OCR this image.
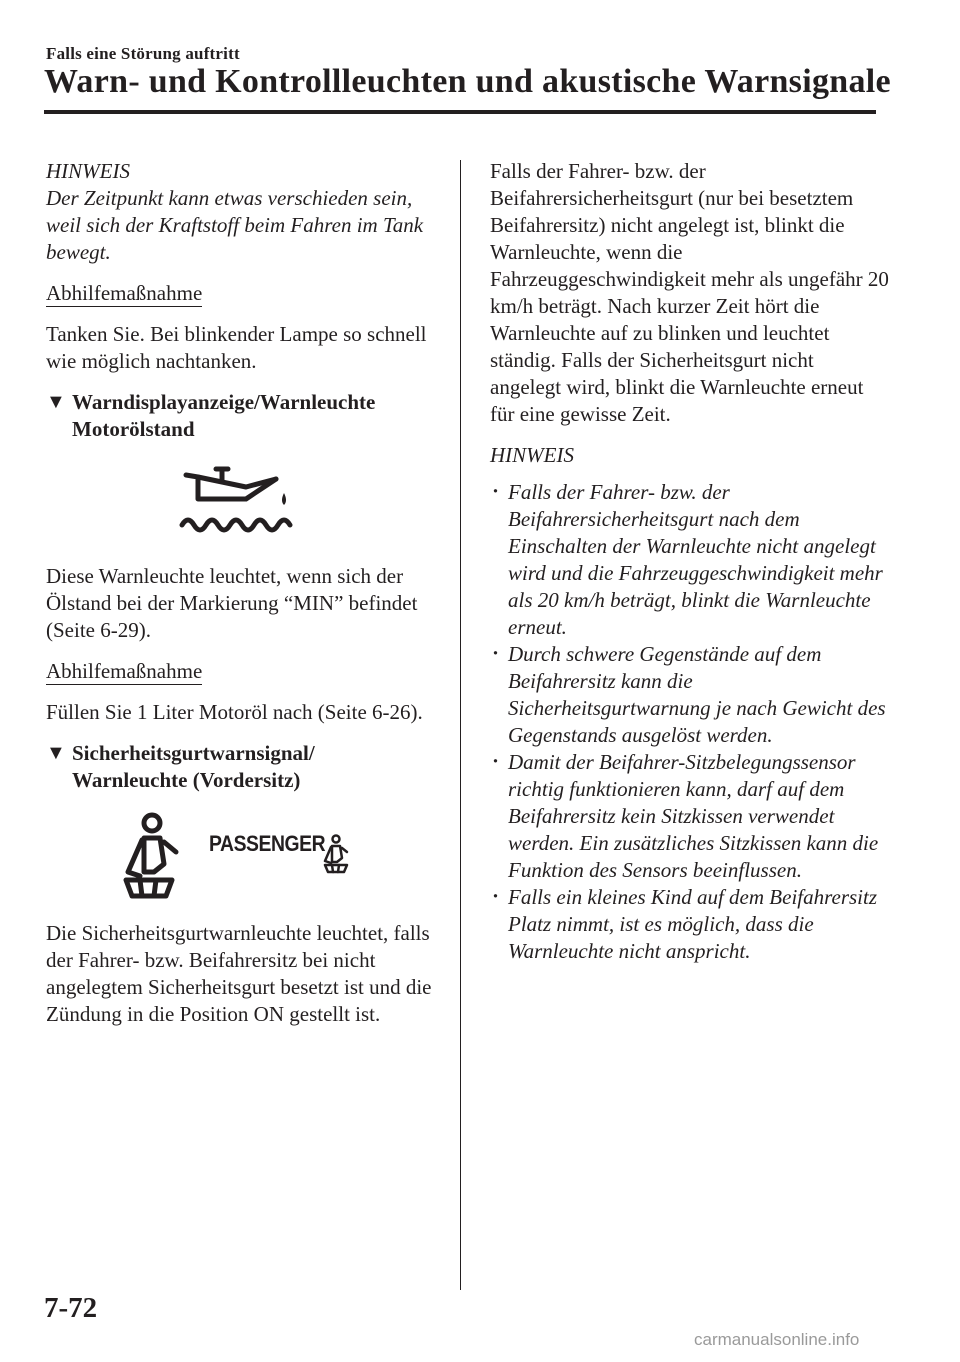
Falls eine Störung auftritt
Warn- und Kontrollleuchten und akustische Warnsignale

HINWEIS

Der Zeitpunkt kann etwas verschieden sein, weil sich der Kraftstoff beim Fahren im Tank bewegt.

Abhilfemaßnahme

Tanken Sie. Bei blinkender Lampe so schnell wie möglich nachtanken.

▼ Warndisplayanzeige/Warnleuchte
Motorölstand

Diese Warnleuchte leuchtet, wenn sich der Ölstand bei der Markierung “MIN” befindet (Seite 6-29).

Abhilfemaßnahme

Füllen Sie 1 Liter Motoröl nach (Seite 6-26).

▼ Sicherheitsgurtwarnsignal/
Warnleuchte (Vordersitz)
PASSENGER

Die Sicherheitsgurtwarnleuchte leuchtet, falls der Fahrer- bzw. Beifahrersitz bei nicht angelegtem Sicherheitsgurt besetzt ist und die Zündung in die Position ON gestellt ist.

Falls der Fahrer- bzw. der Beifahrersicherheitsgurt (nur bei besetztem Beifahrersitz) nicht angelegt ist, blinkt die Warnleuchte, wenn die Fahrzeuggeschwindigkeit mehr als ungefähr 20 km/h beträgt. Nach kurzer Zeit hört die Warnleuchte auf zu blinken und leuchtet ständig. Falls der Sicherheitsgurt nicht angelegt wird, blinkt die Warnleuchte erneut für eine gewisse Zeit.

HINWEIS

· Falls der Fahrer- bzw. der Beifahrersicherheitsgurt nach dem Einschalten der Warnleuchte nicht angelegt wird und die Fahrzeuggeschwindigkeit mehr als 20 km/h beträgt, blinkt die Warnleuchte erneut.
· Durch schwere Gegenstände auf dem Beifahrersitz kann die Sicherheitsgurtwarnung je nach Gewicht des Gegenstands ausgelöst werden.
· Damit der Beifahrer-Sitzbelegungssensor richtig funktionieren kann, darf auf dem Beifahrersitz kein Sitzkissen verwendet werden. Ein zusätzliches Sitzkissen kann die Funktion des Sensors beeinflussen.
· Falls ein kleines Kind auf dem Beifahrersitz Platz nimmt, ist es möglich, dass die Warnleuchte nicht anspricht.
7-72
carmanualsonline.info
